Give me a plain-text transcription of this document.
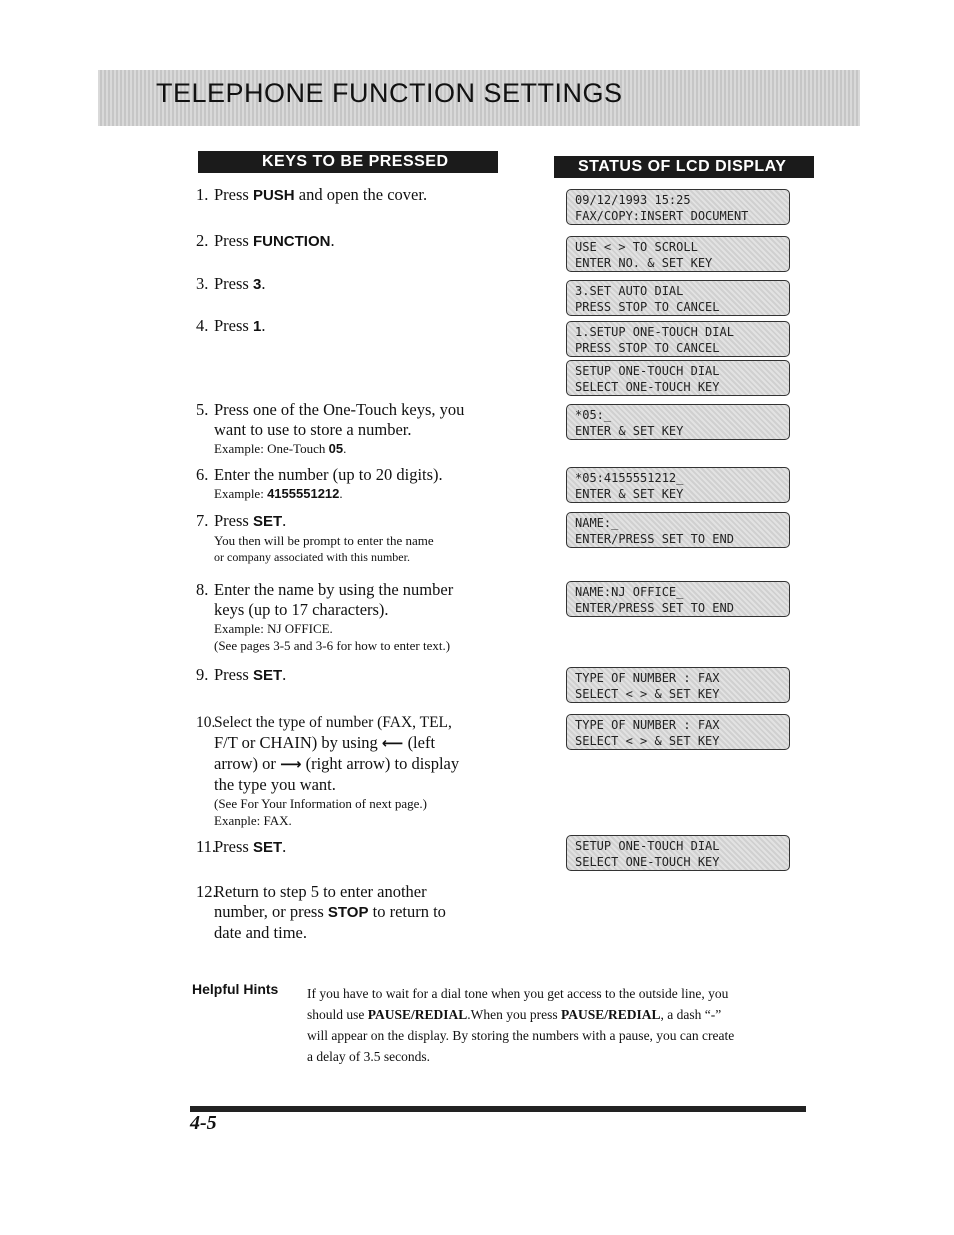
TELEPHONE FUNCTION SETTINGS
KEYS TO BE PRESSED	STATUS OF LCD DISPLAY
1. Press PUSH and open the cover.
2. Press FUNCTION.
3. Press 3.
4. Press 1.
5. Press one of the One-Touch keys, you
want to use to store a number.
Example: One-Touch 05.
6. Enter the number (up to 20 digits).
Example: 4155551212.
7. Press SET.
You then will be prompt to enter the name
or company associated with this number.
8. Enter the name by using the number
keys (up to 17 characters).
Example: NJ OFFICE.
(See pages 3-5 and 3-6 for how to enter text.)
9. Press SET.
10.Select the type of number (FAX, TEL,
F/T or CHAIN) by using ⟵ (left
arrow) or ⟶ (right arrow) to display
the type you want.
(See For Your Information of next page.)
Exanple: FAX.
11.Press SET.
12.Return to step 5 to enter another
number, or press STOP to return to
date and time.
09/12/1993 15:25
FAX/COPY:INSERT DOCUMENT
USE < > TO SCROLL
ENTER NO. & SET KEY
3.SET AUTO DIAL
PRESS STOP TO CANCEL
1.SETUP ONE-TOUCH DIAL
PRESS STOP TO CANCEL
SETUP ONE-TOUCH DIAL
SELECT ONE-TOUCH KEY
*05:_
ENTER & SET KEY
*05:4155551212_
ENTER & SET KEY
NAME:_
ENTER/PRESS SET TO END
NAME:NJ OFFICE_
ENTER/PRESS SET TO END
TYPE OF NUMBER : FAX
SELECT < > & SET KEY
TYPE OF NUMBER : FAX
SELECT < > & SET KEY
SETUP ONE-TOUCH DIAL
SELECT ONE-TOUCH KEY
Helpful Hints If you have to wait for a dial tone when you get access to the outside line, you
should use PAUSE/REDIAL.When you press PAUSE/REDIAL, a dash “-”
will appear on the display. By storing the numbers with a pause, you can create
a delay of 3.5 seconds.
4-5
